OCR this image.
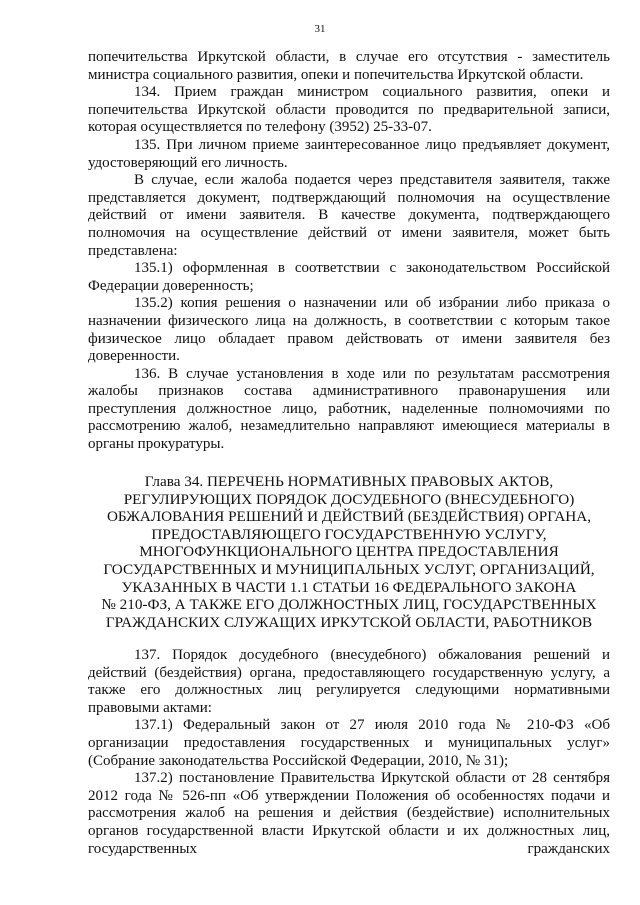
31

попечительства Иркутской области, в случае его отсутствия - заместитель министра социального развития, опеки и попечительства Иркутской области.

134. Прием граждан министром социального развития, опеки и попечительства Иркутской области проводится по предварительной записи, которая осуществляется по телефону (3952) 25-33-07.

135. При личном приеме заинтересованное лицо предъявляет документ, удостоверяющий его личность.

В случае, если жалоба подается через представителя заявителя, также представляется документ, подтверждающий полномочия на осуществление действий от имени заявителя. В качестве документа, подтверждающего полномочия на осуществление действий от имени заявителя, может быть представлена:

135.1) оформленная в соответствии с законодательством Российской Федерации доверенность;

135.2) копия решения о назначении или об избрании либо приказа о назначении физического лица на должность, в соответствии с которым такое физическое лицо обладает правом действовать от имени заявителя без доверенности.

136. В случае установления в ходе или по результатам рассмотрения жалобы признаков состава административного правонарушения или преступления должностное лицо, работник, наделенные полномочиями по рассмотрению жалоб, незамедлительно направляют имеющиеся материалы в органы прокуратуры.

Глава 34. ПЕРЕЧЕНЬ НОРМАТИВНЫХ ПРАВОВЫХ АКТОВ,
РЕГУЛИРУЮЩИХ ПОРЯДОК ДОСУДЕБНОГО (ВНЕСУДЕБНОГО)
ОБЖАЛОВАНИЯ РЕШЕНИЙ И ДЕЙСТВИЙ (БЕЗДЕЙСТВИЯ) ОРГАНА,
ПРЕДОСТАВЛЯЮЩЕГО ГОСУДАРСТВЕННУЮ УСЛУГУ,
МНОГОФУНКЦИОНАЛЬНОГО ЦЕНТРА ПРЕДОСТАВЛЕНИЯ
ГОСУДАРСТВЕННЫХ И МУНИЦИПАЛЬНЫХ УСЛУГ, ОРГАНИЗАЦИЙ,
УКАЗАННЫХ В ЧАСТИ 1.1 СТАТЬИ 16 ФЕДЕРАЛЬНОГО ЗАКОНА
№ 210-ФЗ, А ТАКЖЕ ЕГО ДОЛЖНОСТНЫХ ЛИЦ, ГОСУДАРСТВЕННЫХ
ГРАЖДАНСКИХ СЛУЖАЩИХ ИРКУТСКОЙ ОБЛАСТИ, РАБОТНИКОВ

137. Порядок досудебного (внесудебного) обжалования решений и действий (бездействия) органа, предоставляющего государственную услугу, а также его должностных лиц регулируется следующими нормативными правовыми актами:

137.1) Федеральный закон от 27 июля 2010 года № 210-ФЗ «Об организации предоставления государственных и муниципальных услуг» (Собрание законодательства Российской Федерации, 2010, № 31);

137.2) постановление Правительства Иркутской области от 28 сентября 2012 года № 526-пп «Об утверждении Положения об особенностях подачи и рассмотрения жалоб на решения и действия (бездействие) исполнительных органов государственной власти Иркутской области и их должностных лиц, государственных гражданских
